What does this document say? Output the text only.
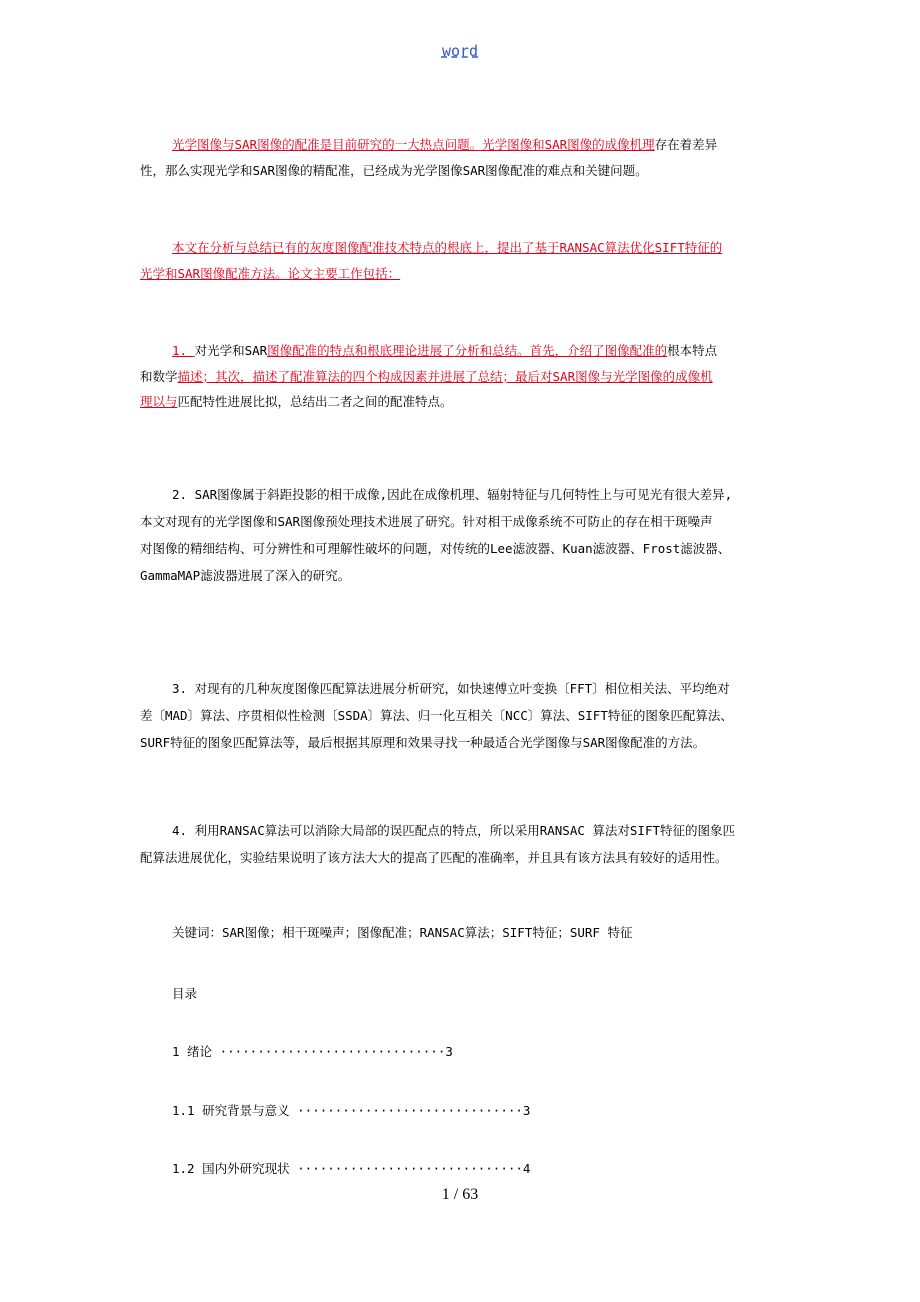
word
光学图像与SAR图像的配准是目前研究的一大热点问题。光学图像和SAR图像的成像机理存在着差异
性，那么实现光学和SAR图像的精配准，已经成为光学图像SAR图像配准的难点和关键问题。
本文在分析与总结已有的灰度图像配准技术特点的根底上，提出了基于RANSAC算法优化SIFT特征的
光学和SAR图像配准方法。论文主要工作包括：
1. 对光学和SAR图像配准的特点和根底理论进展了分析和总结。首先，介绍了图像配准的根本特点
和数学描述；其次，描述了配准算法的四个构成因素并进展了总结；最后对SAR图像与光学图像的成像机
理以与匹配特性进展比拟，总结出二者之间的配准特点。
2. SAR图像属于斜距投影的相干成像,因此在成像机理、辐射特征与几何特性上与可见光有很大差异,
本文对现有的光学图像和SAR图像预处理技术进展了研究。针对相干成像系统不可防止的存在相干斑噪声
对图像的精细结构、可分辨性和可理解性破坏的问题，对传统的Lee滤波器、Kuan滤波器、Frost滤波器、
GammaMAP滤波器进展了深入的研究。
3. 对现有的几种灰度图像匹配算法进展分析研究，如快速傅立叶变换〔FFT〕相位相关法、平均绝对
差〔MAD〕算法、序贯相似性检测〔SSDA〕算法、归一化互相关〔NCC〕算法、SIFT特征的图象匹配算法、
SURF特征的图象匹配算法等，最后根据其原理和效果寻找一种最适合光学图像与SAR图像配准的方法。
4. 利用RANSAC算法可以消除大局部的误匹配点的特点，所以采用RANSAC 算法对SIFT特征的图象匹
配算法进展优化，实验结果说明了该方法大大的提高了匹配的准确率，并且具有该方法具有较好的适用性。
关键词：SAR图像；相干斑噪声；图像配准；RANSAC算法；SIFT特征；SURF 特征
目录
1 绪论 ······························3
1.1 研究背景与意义 ······························3
1.2 国内外研究现状 ······························4
1 / 63
